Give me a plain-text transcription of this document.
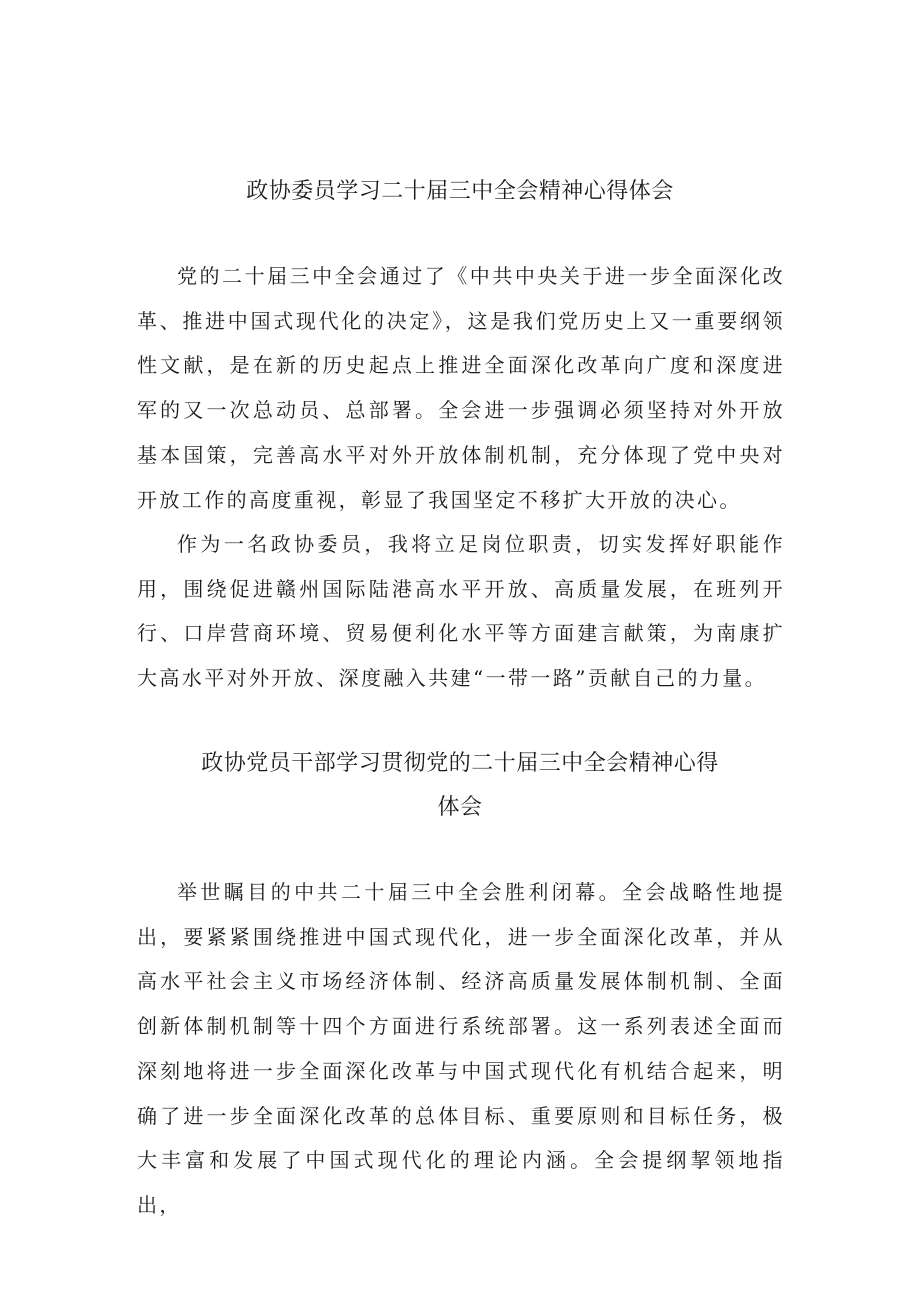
政协委员学习二十届三中全会精神心得体会

党的二十届三中全会通过了《中共中央关于进一步全面深化改革、推进中国式现代化的决定》，这是我们党历史上又一重要纲领性文献，是在新的历史起点上推进全面深化改革向广度和深度进军的又一次总动员、总部署。全会进一步强调必须坚持对外开放基本国策，完善高水平对外开放体制机制，充分体现了党中央对开放工作的高度重视，彰显了我国坚定不移扩大开放的决心。

作为一名政协委员，我将立足岗位职责，切实发挥好职能作用，围绕促进赣州国际陆港高水平开放、高质量发展，在班列开行、口岸营商环境、贸易便利化水平等方面建言献策，为南康扩大高水平对外开放、深度融入共建“一带一路”贡献自己的力量。

政协党员干部学习贯彻党的二十届三中全会精神心得
体会

举世瞩目的中共二十届三中全会胜利闭幕。全会战略性地提出，要紧紧围绕推进中国式现代化，进一步全面深化改革，并从高水平社会主义市场经济体制、经济高质量发展体制机制、全面创新体制机制等十四个方面进行系统部署。这一系列表述全面而深刻地将进一步全面深化改革与中国式现代化有机结合起来，明确了进一步全面深化改革的总体目标、重要原则和目标任务，极大丰富和发展了中国式现代化的理论内涵。全会提纲挈领地指出，
